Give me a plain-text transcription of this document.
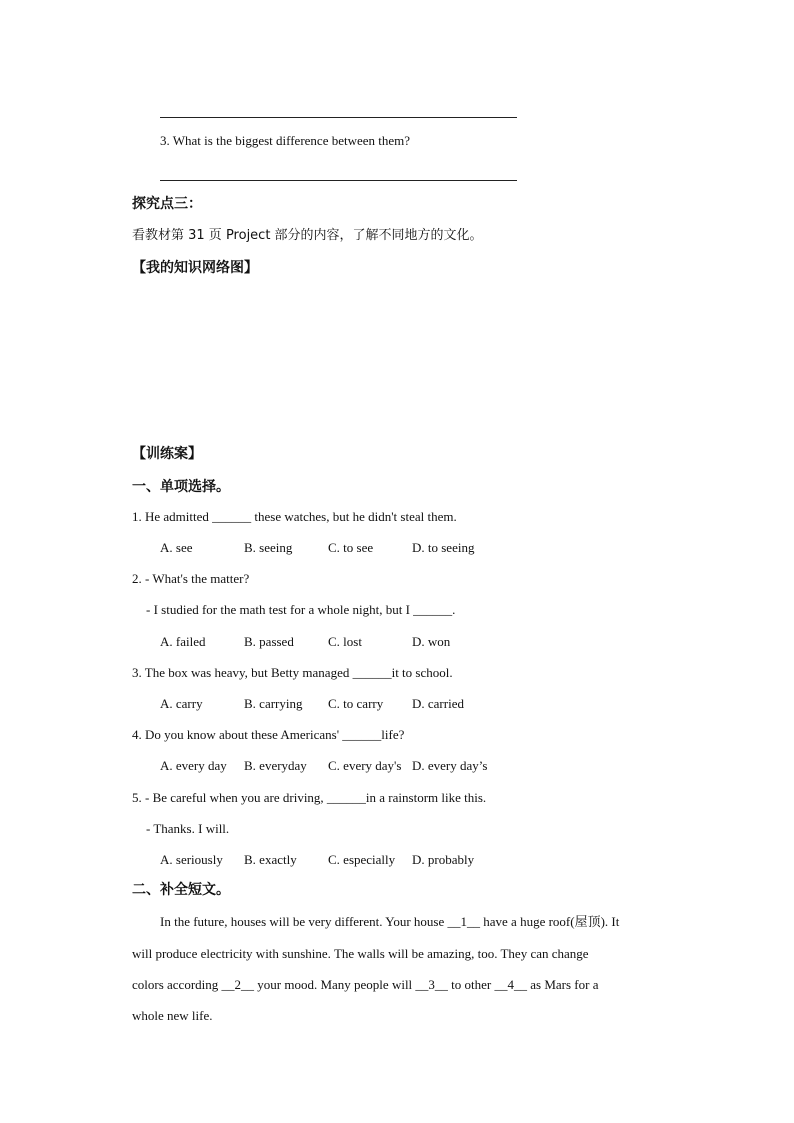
3. What is the biggest difference between them?
探究点三：
看教材第 31 页 Project 部分的内容，了解不同地方的文化。
【我的知识网络图】
【训练案】
一、单项选择。
1. He admitted ______ these watches, but he didn't steal them.
A. see	B. seeing	C. to see	D. to seeing
2. - What's the matter?
- I studied for the math test for a whole night, but I ______.
A. failed	B. passed	C. lost	D. won
3. The box was heavy, but Betty managed ______it to school.
A. carry	B. carrying C. to carry D. carried
4. Do you know about these Americans' ______life?
A. every day B. everyday C. every day's D. every day’s
5. - Be careful when you are driving, ______in a rainstorm like this.
- Thanks. I will.
A. seriously B. exactly C. especially D. probably
二、补全短文。
In the future, houses will be very different. Your house __1__ have a huge roof(屋顶). It
will produce electricity with sunshine. The walls will be amazing, too. They can change
colors according __2__ your mood. Many people will __3__ to other __4__ as Mars for a
whole new life.
